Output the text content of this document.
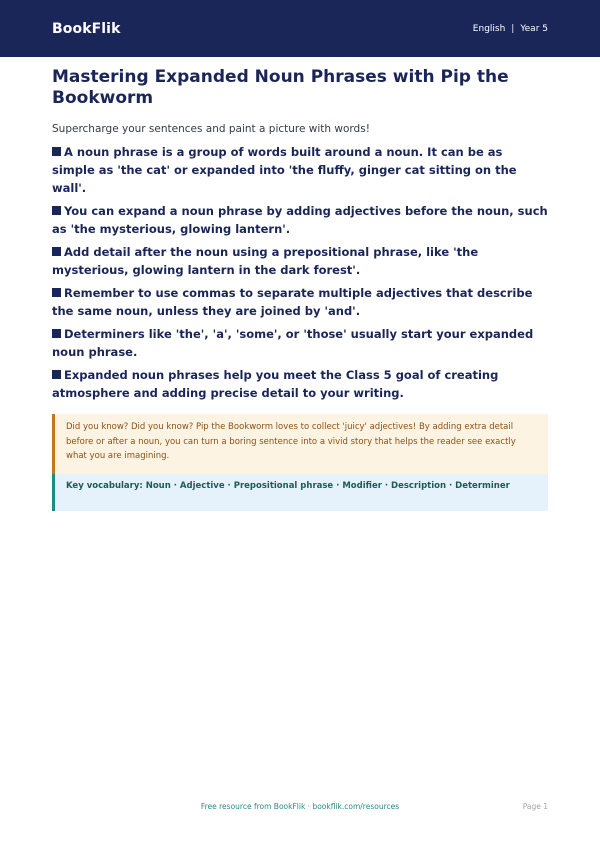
BookFlik	English | Year 5
Mastering Expanded Noun Phrases with Pip the Bookworm

Supercharge your sentences and paint a picture with words!

A noun phrase is a group of words built around a noun. It can be as simple as 'the cat' or expanded into 'the fluffy, ginger cat sitting on the wall'.

You can expand a noun phrase by adding adjectives before the noun, such as 'the mysterious, glowing lantern'.

Add detail after the noun using a prepositional phrase, like 'the mysterious, glowing lantern in the dark forest'.

Remember to use commas to separate multiple adjectives that describe the same noun, unless they are joined by 'and'.

Determiners like 'the', 'a', 'some', or 'those' usually start your expanded noun phrase.

Expanded noun phrases help you meet the Class 5 goal of creating atmosphere and adding precise detail to your writing.

Did you know? Did you know? Pip the Bookworm loves to collect 'juicy' adjectives! By adding extra detail before or after a noun, you can turn a boring sentence into a vivid story that helps the reader see exactly what you are imagining.
Key vocabulary: Noun · Adjective · Prepositional phrase · Modifier · Description · Determiner
Free resource from BookFlik · bookflik.com/resources	Page 1
